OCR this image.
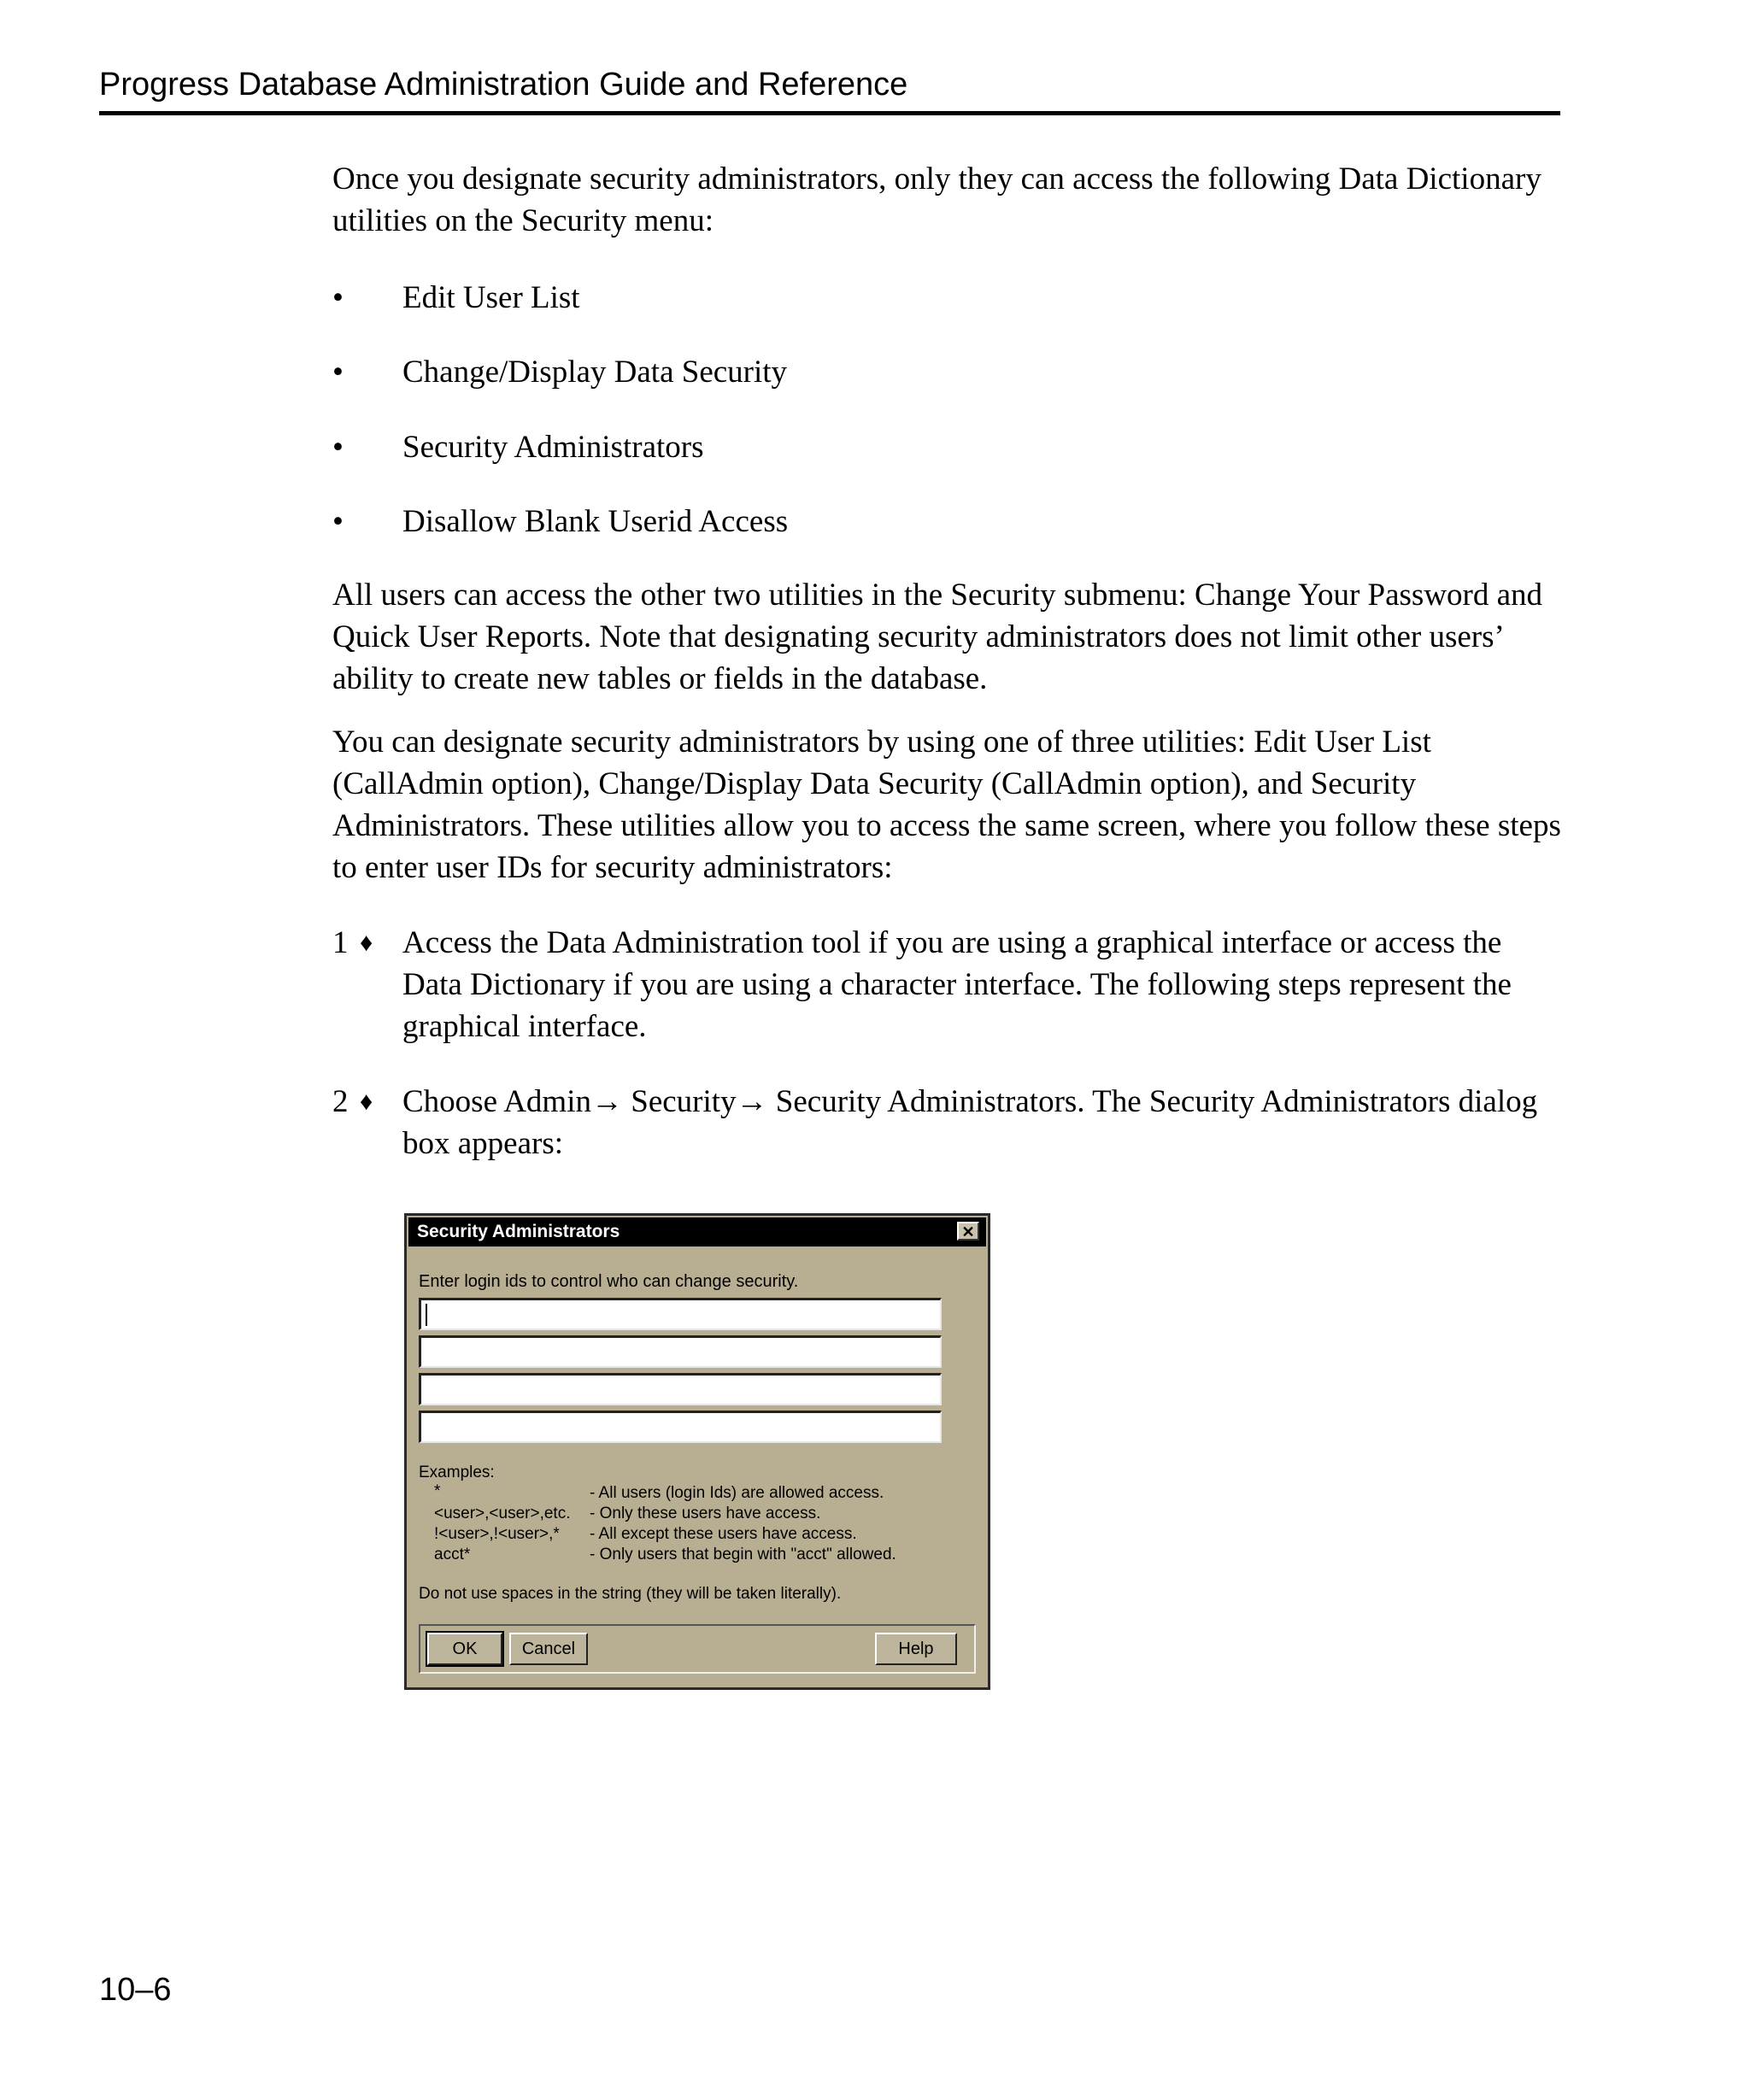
Progress Database Administration Guide and Reference
Once you designate security administrators, only they can access the following Data Dictionary utilities on the Security menu:
• Edit User List
• Change/Display Data Security
• Security Administrators
• Disallow Blank Userid Access
All users can access the other two utilities in the Security submenu: Change Your Password and Quick User Reports. Note that designating security administrators does not limit other users’ ability to create new tables or fields in the database.
You can designate security administrators by using one of three utilities: Edit User List (CallAdmin option), Change/Display Data Security (CallAdmin option), and Security Administrators. These utilities allow you to access the same screen, where you follow these steps to enter user IDs for security administrators:
1 ♦ Access the Data Administration tool if you are using a graphical interface or access the Data Dictionary if you are using a character interface. The following steps represent the graphical interface.
2 ♦ Choose Admin→ Security→ Security Administrators. The Security Administrators dialog box appears:
Security Administrators	✕
Enter login ids to control who can change security.
Examples:
*	- All users (login Ids) are allowed access.
<user>,<user>,etc. - Only these users have access.
!<user>,!<user>,* - All except these users have access.
acct*	- Only users that begin with "acct" allowed.
Do not use spaces in the string (they will be taken literally).
OK	Cancel	Help
10–6
